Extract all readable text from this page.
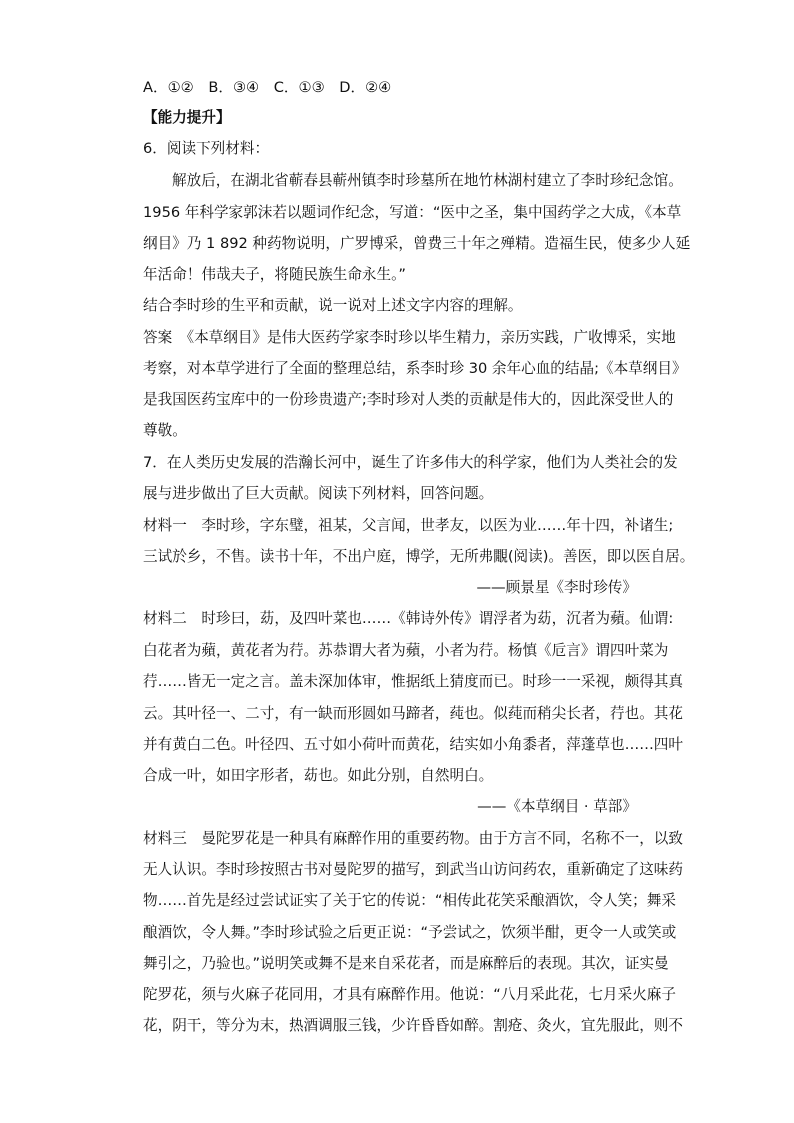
A．①②　B．③④　C．①③　D．②④
【能力提升】
6．阅读下列材料：
解放后，在湖北省蕲春县蕲州镇李时珍墓所在地竹林湖村建立了李时珍纪念馆。
1956 年科学家郭沫若以题词作纪念，写道：“医中之圣，集中国药学之大成，《本草
纲目》乃 1 892 种药物说明，广罗博采，曾费三十年之殚精。造福生民，使多少人延
年活命！伟哉夫子，将随民族生命永生。”
结合李时珍的生平和贡献，说一说对上述文字内容的理解。
答案　《本草纲目》是伟大医药学家李时珍以毕生精力，亲历实践，广收博采，实地
考察，对本草学进行了全面的整理总结，系李时珍 30 余年心血的结晶;《本草纲目》
是我国医药宝库中的一份珍贵遗产;李时珍对人类的贡献是伟大的，因此深受世人的
尊敬。
7．在人类历史发展的浩瀚长河中，诞生了许多伟大的科学家，他们为人类社会的发
展与进步做出了巨大贡献。阅读下列材料，回答问题。
材料一　李时珍，字东璧，祖某，父言闻，世孝友，以医为业……年十四，补诸生;
三试於乡，不售。读书十年，不出户庭，博学，无所弗覵(阅读)。善医，即以医自居。
——顾景星《李时珍传》
材料二　时珍曰，苭，及四叶菜也……《韩诗外传》谓浮者为苭，沉者为蘋。仙谓:
白花者为蘋，黄花者为荇。苏恭谓大者为蘋，小者为荇。杨慎《卮言》谓四叶菜为
荇……皆无一定之言。盖未深加体审，惟据纸上猜度而已。时珍一一采视，颇得其真
云。其叶径一、二寸，有一缺而形圆如马蹄者，莼也。似莼而稍尖长者，荇也。其花
并有黄白二色。叶径四、五寸如小荷叶而黄花，结实如小角黍者，萍蓬草也……四叶
合成一叶，如田字形者，苭也。如此分别，自然明白。
——《本草纲目 · 草部》
材料三　曼陀罗花是一种具有麻醉作用的重要药物。由于方言不同，名称不一，以致
无人认识。李时珍按照古书对曼陀罗的描写，到武当山访问药农，重新确定了这味药
物……首先是经过尝试证实了关于它的传说：“相传此花笑采酿酒饮，令人笑；舞采
酿酒饮，令人舞。”李时珍试验之后更正说：“予尝试之，饮须半酣，更令一人或笑或
舞引之，乃验也。”说明笑或舞不是来自采花者，而是麻醉后的表现。其次，证实曼
陀罗花，须与火麻子花同用，才具有麻醉作用。他说：“八月采此花，七月采火麻子
花，阴干，等分为末，热酒调服三钱，少许昏昏如醉。割疮、灸火，宜先服此，则不
